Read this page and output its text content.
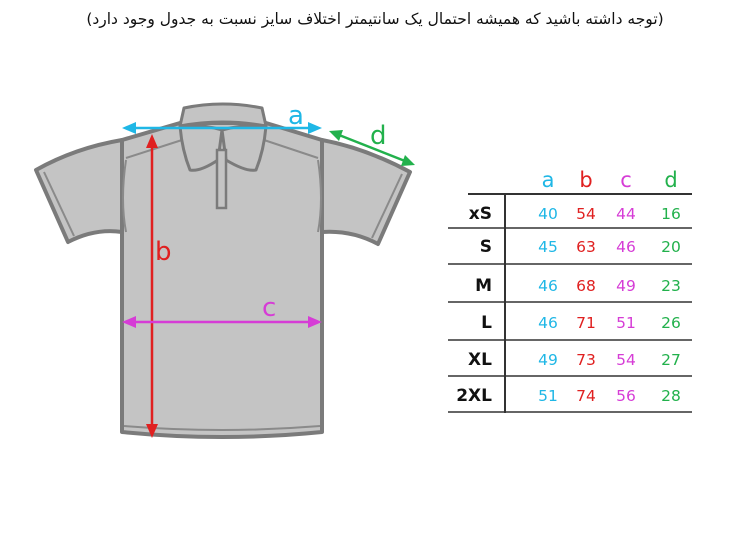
(توجه داشته باشید که همیشه احتمال یک سانتیمتر اختلاف سایز نسبت به جدول وجود دارد)
a
b
c
d
a b c d
xS	40 54 44 16
S	45 63 46 20
M	46 68 49 23
L	46 71 51 26
XL	49 73 54 27
2XL	51 74 56 28
